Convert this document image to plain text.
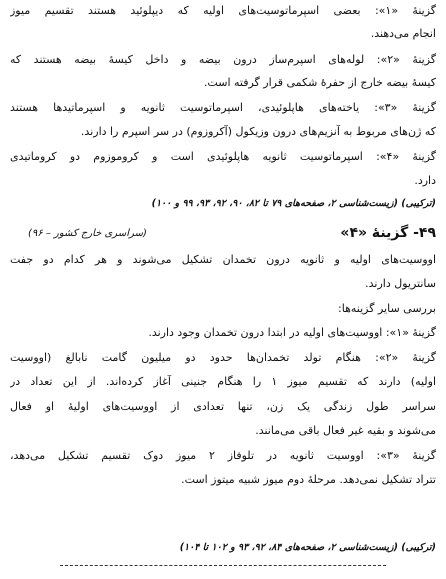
گزینۀ «۱»: بعضی اسپرماتوسیت‌های اولیه که دیپلوئید هستند تقسیم میوز
انجام می‌دهند.
گزینۀ «۲»: لوله‌های اسپرم‌ساز درون بیضه و داخل کیسۀ بیضه هستند که
کیسۀ بیضه خارج از حفرۀ شکمی قرار گرفته است.
گزینۀ «۳»: یاخته‌های هاپلوئیدی، اسپرماتوسیت ثانویه و اسپرماتیدها هستند
که ژن‌های مربوط به آنزیم‌های درون وزیکول (آکروزوم) در سر اسپرم را دارند.
گزینۀ «۴»: اسپرماتوسیت ثانویه هاپلوئیدی است و کروموزوم دو کروماتیدی
دارد.
(ترکیبی) (زیست‌شناسی ۲، صفحه‌های ۷۹ تا ۸۲، ۹۰، ۹۲، ۹۳، ۹۹ و ۱۰۰)
۴۹- گزینۀ «۴»
(سراسری خارج کشور – ۹۶)
اووسیت‌های اولیه و ثانویه درون تخمدان تشکیل می‌شوند و هر کدام دو جفت
سانتریول دارند.
بررسی سایر گزینه‌ها:
گزینۀ «۱»: اووسیت‌های اولیه در ابتدا درون تخمدان وجود دارند.
گزینۀ «۲»: هنگام تولد تخمدان‌ها حدود دو میلیون گامت نابالغ (اووسیت
اولیه) دارند که تقسیم میوز ۱ را هنگام جنینی آغاز کرده‌اند. از این تعداد در
سراسر طول زندگی یک زن، تنها تعدادی از اووسیت‌های اولیۀ او فعال
می‌شوند و بقیه غیر فعال باقی می‌مانند.
گزینۀ «۳»: اووسیت ثانویه در تلوفاز ۲ میوز دوک تقسیم تشکیل می‌دهد،
تتراد تشکیل نمی‌دهد. مرحلۀ دوم میوز شبیه میتوز است.
(ترکیبی) (زیست‌شناسی ۲، صفحه‌های ۸۴، ۹۲، ۹۳ و ۱۰۲ تا ۱۰۴)
